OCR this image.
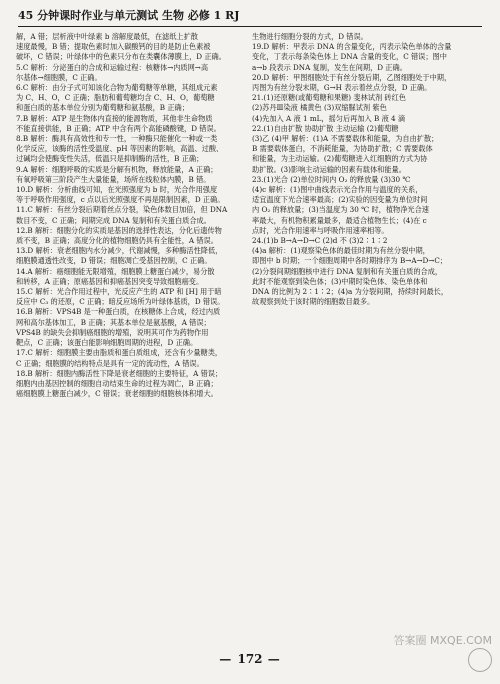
45 分钟课时作业与单元测试 生物 必修 1 RJ

解，A 错；层析液中叶绿素 b 溶解度最低，在滤纸上扩散

速度最慢，B 错；提取色素时加入碳酸钙的目的是防止色素被

破坏，C 错误；叶绿体中的色素只分布在类囊体薄膜上，D 正确。

5.C 解析：分泌蛋白的合成和运输过程：核糖体→内质网→高

尔基体→细胞膜，C 正确。

6.C 解析：由分子式可知该化合物为葡萄糖等单糖，其组成元素

为 C、H、O，C 正确；脂肪和葡萄糖均含 C、H、O，葡萄糖

和蛋白质的基本单位分别为葡萄糖和氨基酸，B 正确；

7.B 解析：ATP 是生物体内直接的能源物质，其他非生命物质

不能直接供能，B 正确；ATP 中含有两个高能磷酸键，D 错误。

8.B 解析：酶具有高效性和专一性，一种酶只能催化一种或一类

化学反应，该酶的活性受温度、pH 等因素的影响，高温、过酸、

过碱均会使酶变性失活，低温只是抑制酶的活性，B 正确；

9.A 解析：细胞呼吸的实质是分解有机物，释放能量，A 正确；

有氧呼吸第三阶段产生大量能量，场所在线粒体内膜，B 错。

10.D 解析：分析曲线可知，在光照强度为 b 时，光合作用强度

等于呼吸作用强度，c 点以后光照强度不再是限制因素，D 正确。

11.C 解析：有丝分裂后期着丝点分裂，染色体数目加倍，但 DNA

数目不变，C 正确；间期完成 DNA 复制和有关蛋白质合成。

12.B 解析：细胞分化的实质是基因的选择性表达，分化后遗传物

质不变，B 正确；高度分化的植物细胞仍具有全能性，A 错误。

13.D 解析：衰老细胞内水分减少，代谢减慢，多种酶活性降低，

细胞膜通透性改变，D 错误；细胞凋亡受基因控制，C 正确。

14.A 解析：癌细胞能无限增殖，细胞膜上糖蛋白减少，易分散

和转移，A 正确；原癌基因和抑癌基因突变导致细胞癌变。

15.C 解析：光合作用过程中，光反应产生的 ATP 和 [H] 用于暗

反应中 C₃ 的还原，C 正确；暗反应场所为叶绿体基质，D 错误。

16.B 解析：VPS4B 是一种蛋白质，在核糖体上合成，经过内质

网和高尔基体加工，B 正确；其基本单位是氨基酸，A 错误；

VPS4B 的缺失会抑制癌细胞的增殖，说明其可作为药物作用

靶点，C 正确；该蛋白能影响细胞周期的进程，D 正确。

17.C 解析：细胞膜主要由脂质和蛋白质组成，还含有少量糖类，

C 正确；细胞膜的结构特点是具有一定的流动性，A 错误。

18.B 解析：细胞内酶活性下降是衰老细胞的主要特征，A 错误；

细胞内由基因控制的细胞自动结束生命的过程为凋亡，B 正确；

癌细胞膜上糖蛋白减少，C 错误；衰老细胞的细胞核体积增大。

生物进行细胞分裂的方式，D 错误。

19.D 解析：甲表示 DNA 的含量变化，丙表示染色单体的含量

变化，丁表示每条染色体上 DNA 含量的变化，C 错误；图中

a→b 段表示 DNA 复制，发生在间期，D 正确。

20.D 解析：甲图细胞处于有丝分裂后期，乙图细胞处于中期，

丙图为有丝分裂末期，G→H 表示着丝点分裂，D 正确。

21.(1)还原糖(或葡萄糖和果糖) 斐林试剂 砖红色

(2)苏丹Ⅲ染液 橘黄色 (3)双缩脲试剂 紫色

(4)先加入 A 液 1 mL，摇匀后再加入 B 液 4 滴

22.(1)自由扩散 协助扩散 主动运输 (2)葡萄糖

(3)乙 (4)甲 解析：(1)A 不需要载体和能量，为自由扩散；

B 需要载体蛋白，不消耗能量，为协助扩散；C 需要载体

和能量，为主动运输。(2)葡萄糖进入红细胞的方式为协

助扩散。(3)影响主动运输的因素有载体和能量。

23.(1)光合 (2)单位时间内 O₂ 的释放量 (3)30 ℃

(4)c 解析：(1)图中曲线表示光合作用与温度的关系，

适宜温度下光合速率最高；(2)实验的因变量为单位时间

内 O₂ 的释放量；(3)当温度为 30 ℃ 时，植物净光合速

率最大，有机物积累量最多，最适合植物生长；(4)在 c

点时，光合作用速率与呼吸作用速率相等。

24.(1)b B→A→D→C (2)d 不 (3)2∶1∶2

(4)a 解析：(1)观察染色体的最佳时期为有丝分裂中期，

即图中 b 时期；一个细胞周期中各时期排序为 B→A→D→C；

(2)分裂间期细胞核中进行 DNA 复制和有关蛋白质的合成，

此时不能观察到染色体；(3)中期时染色体、染色单体和

DNA 的比例为 2∶1∶2；(4)a 为分裂间期，持续时间最长，

故观察到处于该时期的细胞数目最多。

— 172 —
答案圈 MXQE.COM
